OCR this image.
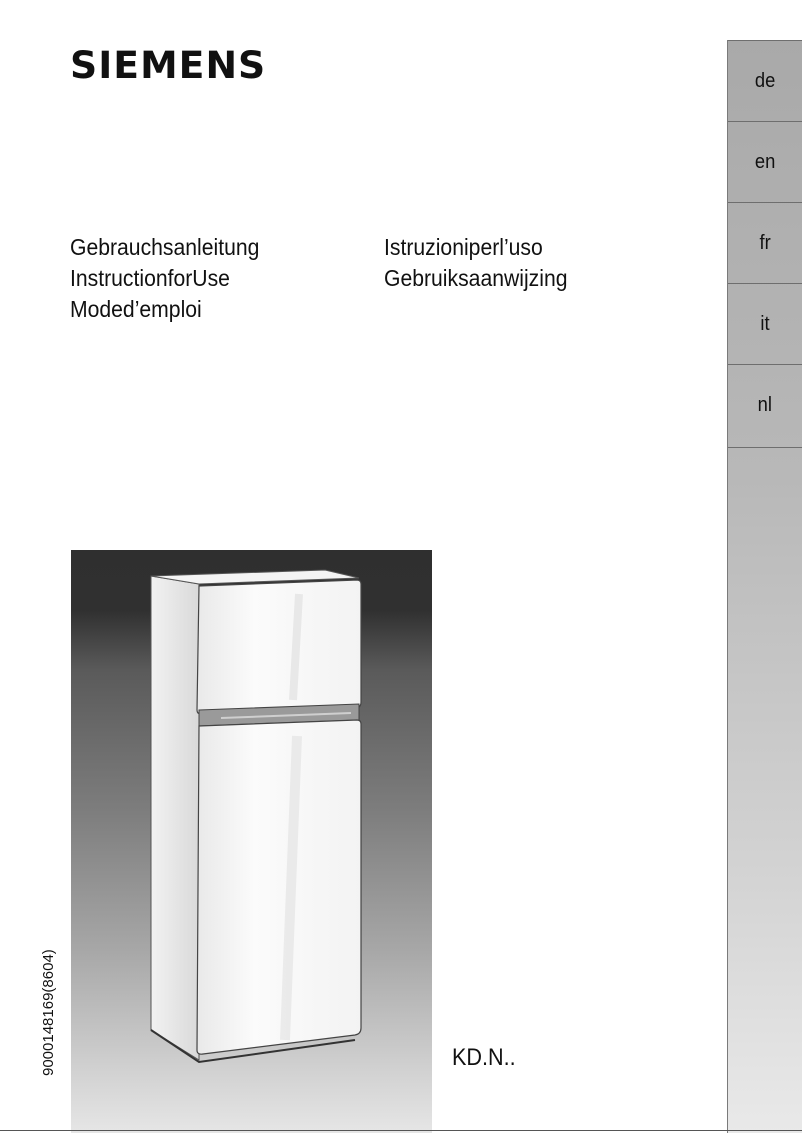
SIEMENS
Gebrauchsanleitung
InstructionforUse
Moded’emploi
Istruzioniperl’uso
Gebruiksaanwijzing
de
en
fr
it
nl
9000148169(8604)	KD.N..
